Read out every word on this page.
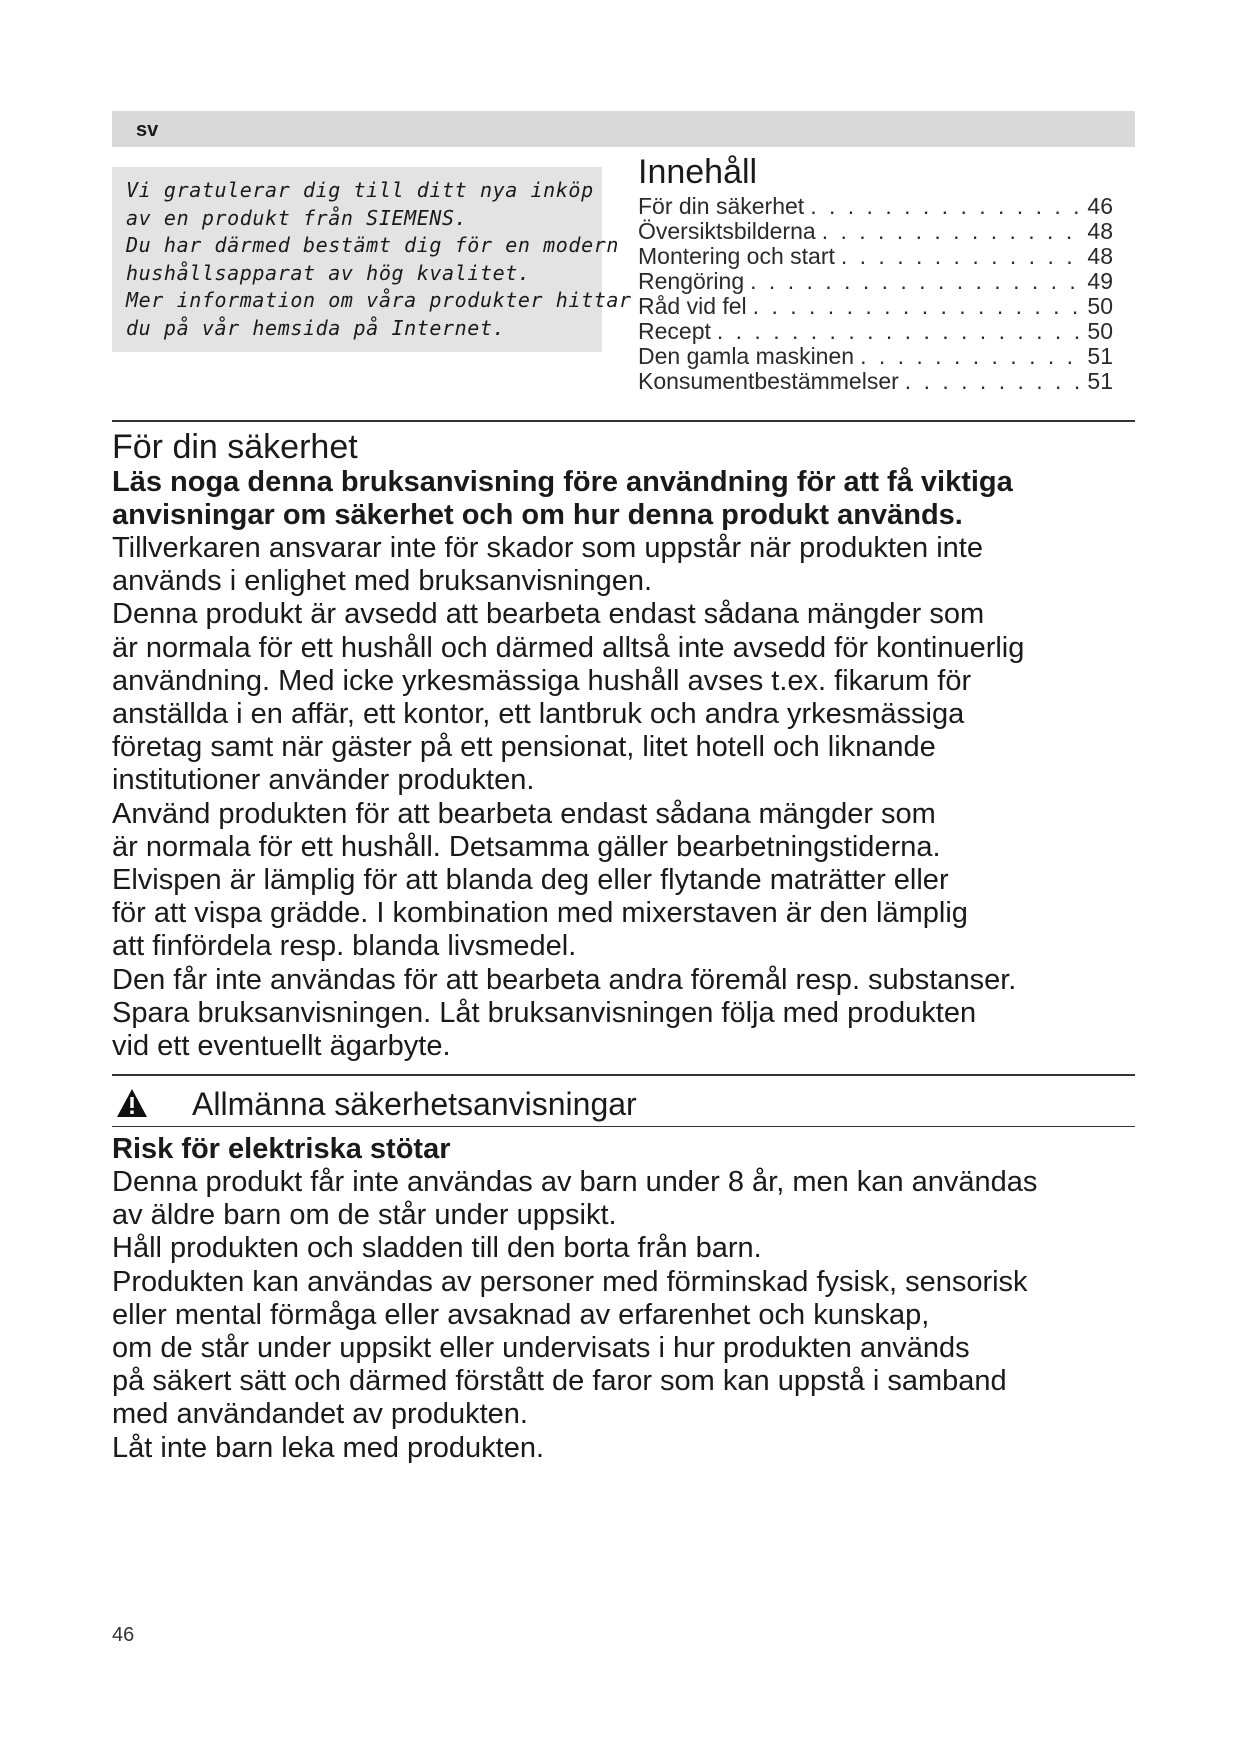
sv

Vi gratulerar dig till ditt nya inköp

av en produkt från SIEMENS.

Du har därmed bestämt dig för en modern

hushållsapparat av hög kvalitet.

Mer information om våra produkter hittar

du på vår hemsida på Internet.

Innehåll
För din säkerhet . . .	46
Översiktsbilderna . . .	48
Montering och start . . .	48
Rengöring . . .	49
Råd vid fel . . .	50
Recept . . .	50
Den gamla maskinen . . .	51
Konsumentbestämmelser . . .	51
För din säkerhet

Läs noga denna bruksanvisning före användning för att få viktiga

anvisningar om säkerhet och om hur denna produkt används.

Tillverkaren ansvarar inte för skador som uppstår när produkten inte

används i enlighet med bruksanvisningen.

Denna produkt är avsedd att bearbeta endast sådana mängder som

är normala för ett hushåll och därmed alltså inte avsedd för kontinuerlig

användning. Med icke yrkesmässiga hushåll avses t.ex. fikarum för

anställda i en affär, ett kontor, ett lantbruk och andra yrkesmässiga

företag samt när gäster på ett pensionat, litet hotell och liknande

institutioner använder produkten.

Använd produkten för att bearbeta endast sådana mängder som

är normala för ett hushåll. Detsamma gäller bearbetningstiderna.

Elvispen är lämplig för att blanda deg eller flytande maträtter eller

för att vispa grädde. I kombination med mixerstaven är den lämplig

att finfördela resp. blanda livsmedel.

Den får inte användas för att bearbeta andra föremål resp. substanser.

Spara bruksanvisningen. Låt bruksanvisningen följa med produkten

vid ett eventuellt ägarbyte.

Allmänna säkerhetsanvisningar

Risk för elektriska stötar

Denna produkt får inte användas av barn under 8 år, men kan användas

av äldre barn om de står under uppsikt.

Håll produkten och sladden till den borta från barn.

Produkten kan användas av personer med förminskad fysisk, sensorisk

eller mental förmåga eller avsaknad av erfarenhet och kunskap,

om de står under uppsikt eller undervisats i hur produkten används

på säkert sätt och därmed förstått de faror som kan uppstå i samband

med användandet av produkten.

Låt inte barn leka med produkten.

46
